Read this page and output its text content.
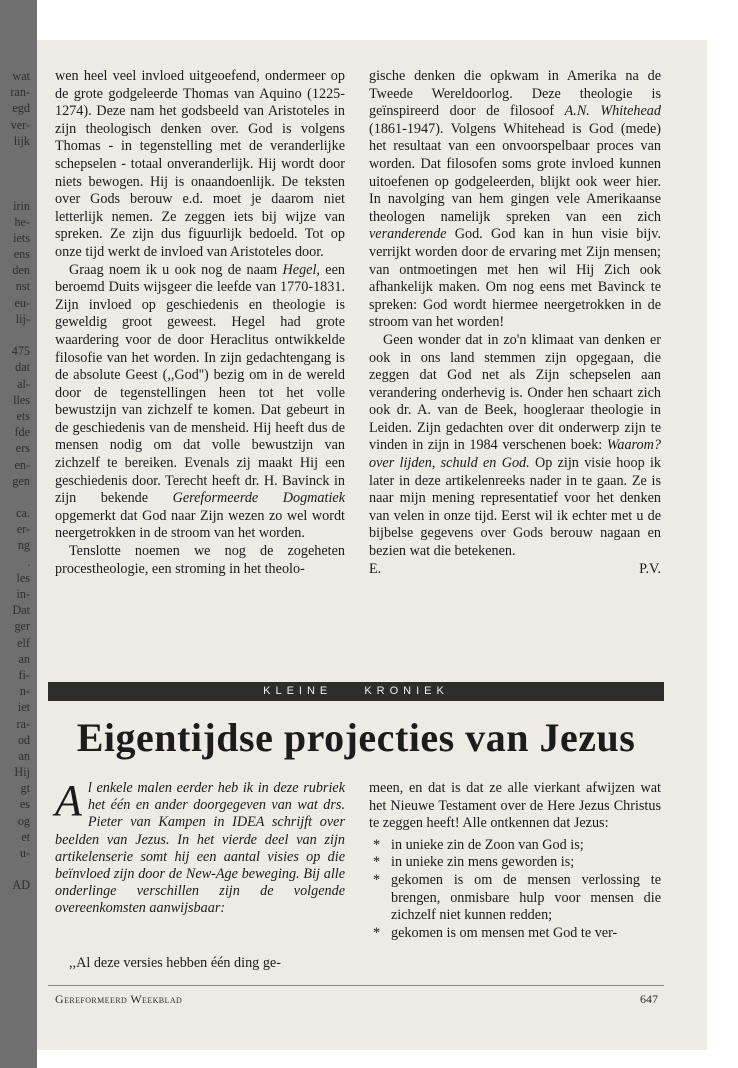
wat
ran-
egd
ver-
lijk

irin
he-
iets
ens
den
nst
eu-
lij-

475
dat
al-
lles
ets
fde
ers
en-
gen

ca.
er-
ng
.
les
in-
Dat
ger
elf
an
fi-
n-
iet
ra-
od
an
Hij
gt
es
og
et
u-

AD

wen heel veel invloed uitgeoefend, ondermeer op de grote godgeleerde Thomas van Aquino (1225-1274). Deze nam het godsbeeld van Aristoteles in zijn theologisch denken over. God is volgens Thomas - in tegenstelling met de veranderlijke schepselen - totaal onveranderlijk. Hij wordt door niets bewogen. Hij is onaandoenlijk. De teksten over Gods berouw e.d. moet je daarom niet letterlijk nemen. Ze zeggen iets bij wijze van spreken. Ze zijn dus figuurlijk bedoeld. Tot op onze tijd werkt de invloed van Aristoteles door.

Graag noem ik u ook nog de naam Hegel, een beroemd Duits wijsgeer die leefde van 1770-1831. Zijn invloed op geschiedenis en theologie is geweldig groot geweest. Hegel had grote waardering voor de door Heraclitus ontwikkelde filosofie van het worden. In zijn gedachtengang is de absolute Geest (,,God'') bezig om in de wereld door de tegenstellingen heen tot het volle bewustzijn van zichzelf te komen. Dat gebeurt in de geschiedenis van de mensheid. Hij heeft dus de mensen nodig om dat volle bewustzijn van zichzelf te bereiken. Evenals zij maakt Hij een geschiedenis door. Terecht heeft dr. H. Bavinck in zijn bekende Gereformeerde Dogmatiek opgemerkt dat God naar Zijn wezen zo wel wordt neergetrokken in de stroom van het worden.

Tenslotte noemen we nog de zogeheten procestheologie, een stroming in het theolo-

gische denken die opkwam in Amerika na de Tweede Wereldoorlog. Deze theologie is geïnspireerd door de filosoof A.N. Whitehead (1861-1947). Volgens Whitehead is God (mede) het resultaat van een onvoorspelbaar proces van worden. Dat filosofen soms grote invloed kunnen uitoefenen op godgeleerden, blijkt ook weer hier. In navolging van hem gingen vele Amerikaanse theologen namelijk spreken van een zich veranderende God. God kan in hun visie bijv. verrijkt worden door de ervaring met Zijn mensen; van ontmoetingen met hen wil Hij Zich ook afhankelijk maken. Om nog eens met Bavinck te spreken: God wordt hiermee neergetrokken in de stroom van het worden!

Geen wonder dat in zo'n klimaat van denken er ook in ons land stemmen zijn opgegaan, die zeggen dat God net als Zijn schepselen aan verandering onderhevig is. Onder hen schaart zich ook dr. A. van de Beek, hoogleraar theologie in Leiden. Zijn gedachten over dit onderwerp zijn te vinden in zijn in 1984 verschenen boek: Waarom? over lijden, schuld en God. Op zijn visie hoop ik later in deze artikelenreeks nader in te gaan. Ze is naar mijn mening representatief voor het denken van velen in onze tijd. Eerst wil ik echter met u de bijbelse gegevens over Gods berouw nagaan en bezien wat die betekenen.

E.	P.V.
KLEINE	KRONIEK
Eigentijdse projecties van Jezus

Al enkele malen eerder heb ik in deze rubriek het één en ander doorgegeven van wat drs. Pieter van Kampen in IDEA schrijft over beelden van Jezus. In het vierde deel van zijn artikelenserie somt hij een aantal visies op die beïnvloed zijn door de New-Age beweging. Bij alle onderlinge verschillen zijn de volgende overeenkomsten aanwijsbaar:

,,Al deze versies hebben één ding ge-

meen, en dat is dat ze alle vierkant afwijzen wat het Nieuwe Testament over de Here Jezus Christus te zeggen heeft! Alle ontkennen dat Jezus:

* in unieke zin de Zoon van God is;
* in unieke zin mens geworden is;
* gekomen is om de mensen verlossing te brengen, onmisbare hulp voor mensen die zichzelf niet kunnen redden;
* gekomen is om mensen met God te ver-
Gereformeerd Weekblad	647
